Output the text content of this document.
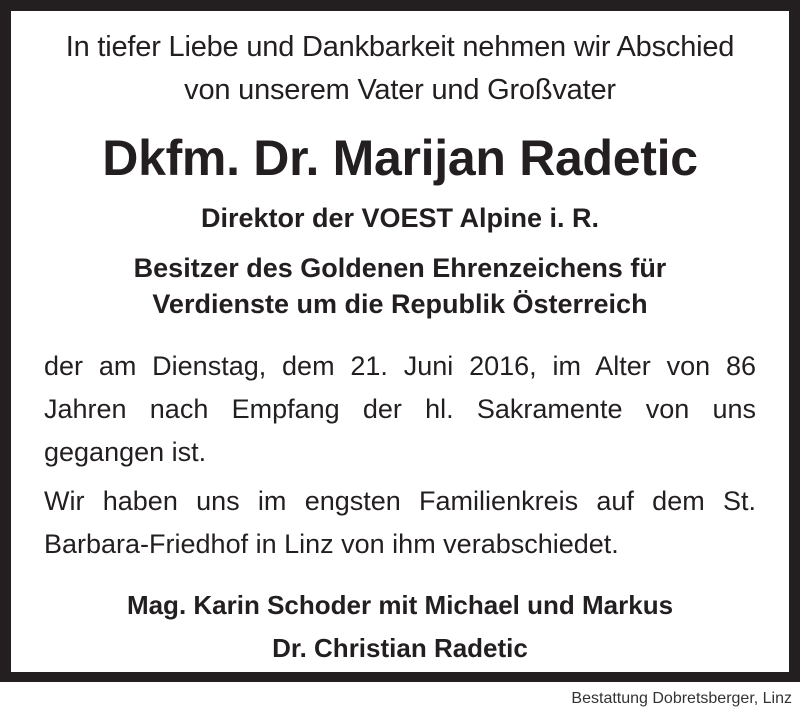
In tiefer Liebe und Dankbarkeit nehmen wir Abschied
von unserem Vater und Großvater
Dkfm. Dr. Marijan Radetic
Direktor der VOEST Alpine i. R.
Besitzer des Goldenen Ehrenzeichens für
Verdienste um die Republik Österreich

der am Dienstag, dem 21. Juni 2016, im Alter von 86 Jahren nach Empfang der hl. Sakramente von uns gegangen ist.

Wir haben uns im engsten Familienkreis auf dem St. Barbara-Friedhof in Linz von ihm verabschiedet.

Mag. Karin Schoder mit Michael und Markus
Dr. Christian Radetic
Bestattung Dobretsberger, Linz
